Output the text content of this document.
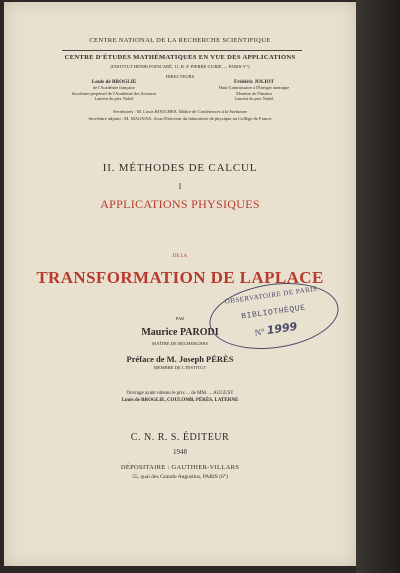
CENTRE NATIONAL DE LA RECHERCHE SCIENTIFIQUE
CENTRE D'ÉTUDES MATHÉMATIQUES EN VUE DES APPLICATIONS
(INSTITUT HENRI POINCARÉ, 11, R. P. PIERRE-CURIE — PARIS-V°)
DIRECTEURS
Louis de BROGLIE
de l'Académie française
Secrétaire perpétuel de l'Académie des Sciences
Lauréat du prix Nobel
Frédéric JOLIOT
Haut-Commissaire à l'Énergie atomique
Membre de l'Institut
Lauréat du prix Nobel
Secrétaires : M. Louis ROUGHES, Maître de Conférences à la Sorbonne
Secrétaire adjoint : M. MAGNAN, Sous-Directeur du laboratoire de physique au Collège de France
II. MÉTHODES DE CALCUL
I
APPLICATIONS PHYSIQUES
DE LA
TRANSFORMATION DE LAPLACE
PAR
Maurice PARODI
MAÎTRE DE RECHERCHES
Préface de M. Joseph PÉRÈS
MEMBRE DE L'INSTITUT
Ouvrage ayant obtenu le prix ... de MM. ... AUGUST
Louis de BROGLIE, COULOMB, PÉRÈS, LATERNE
C. N. R. S. ÉDITEUR
1948
DÉPOSITAIRE : GAUTHIER-VILLARS
55, quai des Grands-Augustins, PARIS (6°)
OBSERVATOIRE DE PARIS
BIBLIOTHÈQUE
N° 1999
